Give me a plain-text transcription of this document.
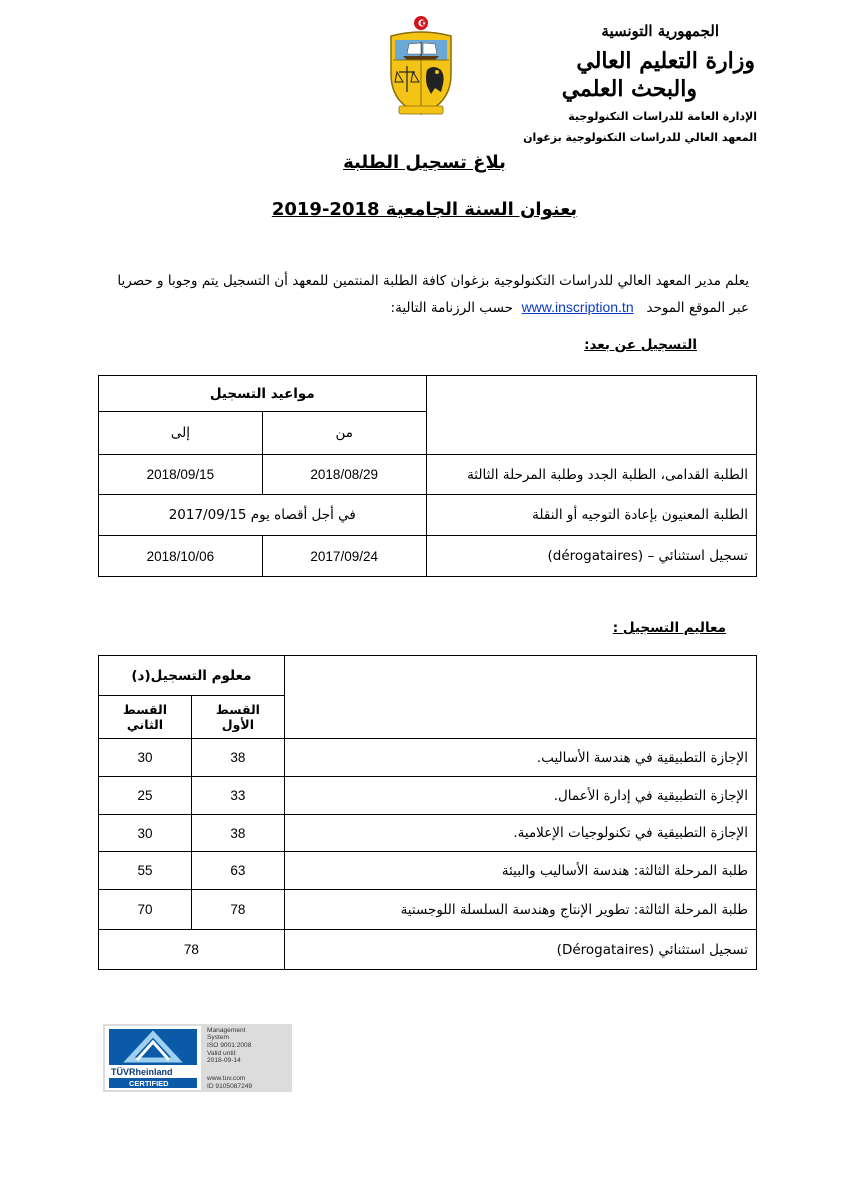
الجمهورية التونسية
وزارة التعليم العالي
والبحث العلمي
الإدارة العامة للدراسات التكنولوجية
المعهد العالي للدراسات التكنولوجية بزغوان
بلاغ تسجيل الطلبة
بعنوان السنة الجامعية 2018-2019
يعلم مدير المعهد العالي للدراسات التكنولوجية بزغوان كافة الطلبة المنتمين للمعهد أن التسجيل يتم وجوبا و حصريا
عبر الموقع الموحد   www.inscription.tn  حسب الرزنامة التالية:
التسجيل عن بعد:
	مواعيد التسجيل	
	من	إلى
الطلبة القدامى، الطلبة الجدد وطلبة المرحلة الثالثة	2018/08/29	2018/09/15
الطلبة المعنيون بإعادة التوجيه أو النقلة	في أجل أقصاه يوم 2017/09/15	
تسجيل استثنائي – (dérogataires)	2017/09/24	2018/10/06
معاليم التسجيل :
	معلوم التسجيل(د)	
	القسط الأول	القسط الثاني
الإجازة التطبيقية في هندسة الأساليب.	38	30
الإجازة التطبيقية في إدارة الأعمال.	33	25
الإجازة التطبيقية في تكنولوجيات الإعلامية.	38	30
طلبة المرحلة الثالثة: هندسة الأساليب والبيئة	63	55
طلبة المرحلة الثالثة: تطوير الإنتاج وهندسة السلسلة اللوجستية	78	70
تسجيل استثنائي (Dérogataires)	78	
TÜVRheinland
CERTIFIED
Management
System
ISO 9001:2008
Valid until:
2018-09-14
www.tuv.com
ID 9105087249
